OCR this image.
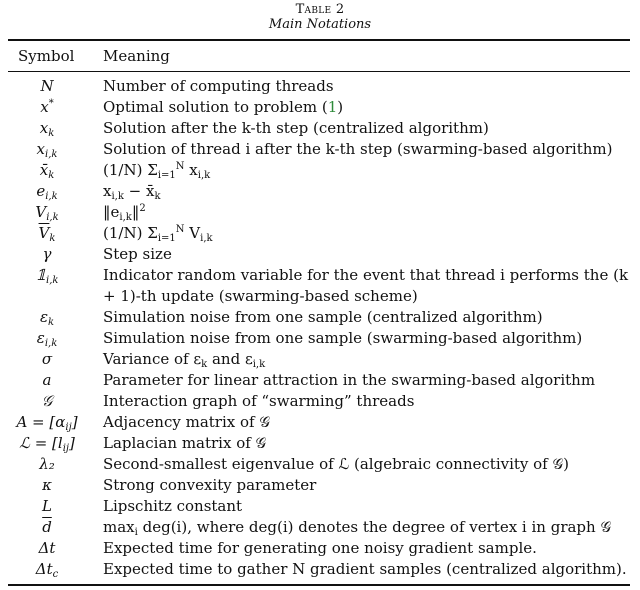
Table 2
Main Notations
Symbol Meaning
N	Number of computing threads
x*	Optimal solution to problem (1)
$x_k$	Solution after the k-th step (centralized algorithm)
$x_{i,k}$	Solution of thread i after the k-th step (swarming-based algorithm)
$x̄_k$	(1/N) $\Sigma_{i=1}^N$ $x_{i,k}$
$e_{i,k}$	$x_{i,k}$ − $x̄_k$
$V_{i,k}$	$‖e_{i,k}‖^2$
$\overline{V}_k$	(1/N) $\Sigma_{i=1}^N$ $V_{i,k}$
γ	Step size
$𝟙_{i,k}$	Indicator random variable for the event that thread i performs the (k + 1)-th update (swarming-based scheme)
$\varepsilon_k$	Simulation noise from one sample (centralized algorithm)
$\varepsilon_{i,k}$	Simulation noise from one sample (swarming-based algorithm)
σ	Variance of $\varepsilon_k$ and $\varepsilon_{i,k}$
a	Parameter for linear attraction in the swarming-based algorithm
𝒢	Interaction graph of “swarming” threads
$A = [\alpha_{ij}]$	Adjacency matrix of 𝒢
ℒ = $[l_{ij}]$	Laplacian matrix of 𝒢
λ₂	Second-smallest eigenvalue of ℒ (algebraic connectivity of 𝒢)
κ	Strong convexity parameter
L	Lipschitz constant
$\overline{d}$	$\max_i deg(i)$, where deg(i) denotes the degree of vertex i in graph 𝒢
Δt	Expected time for generating one noisy gradient sample.
$\Delta t_c$	Expected time to gather N gradient samples (centralized algorithm).
